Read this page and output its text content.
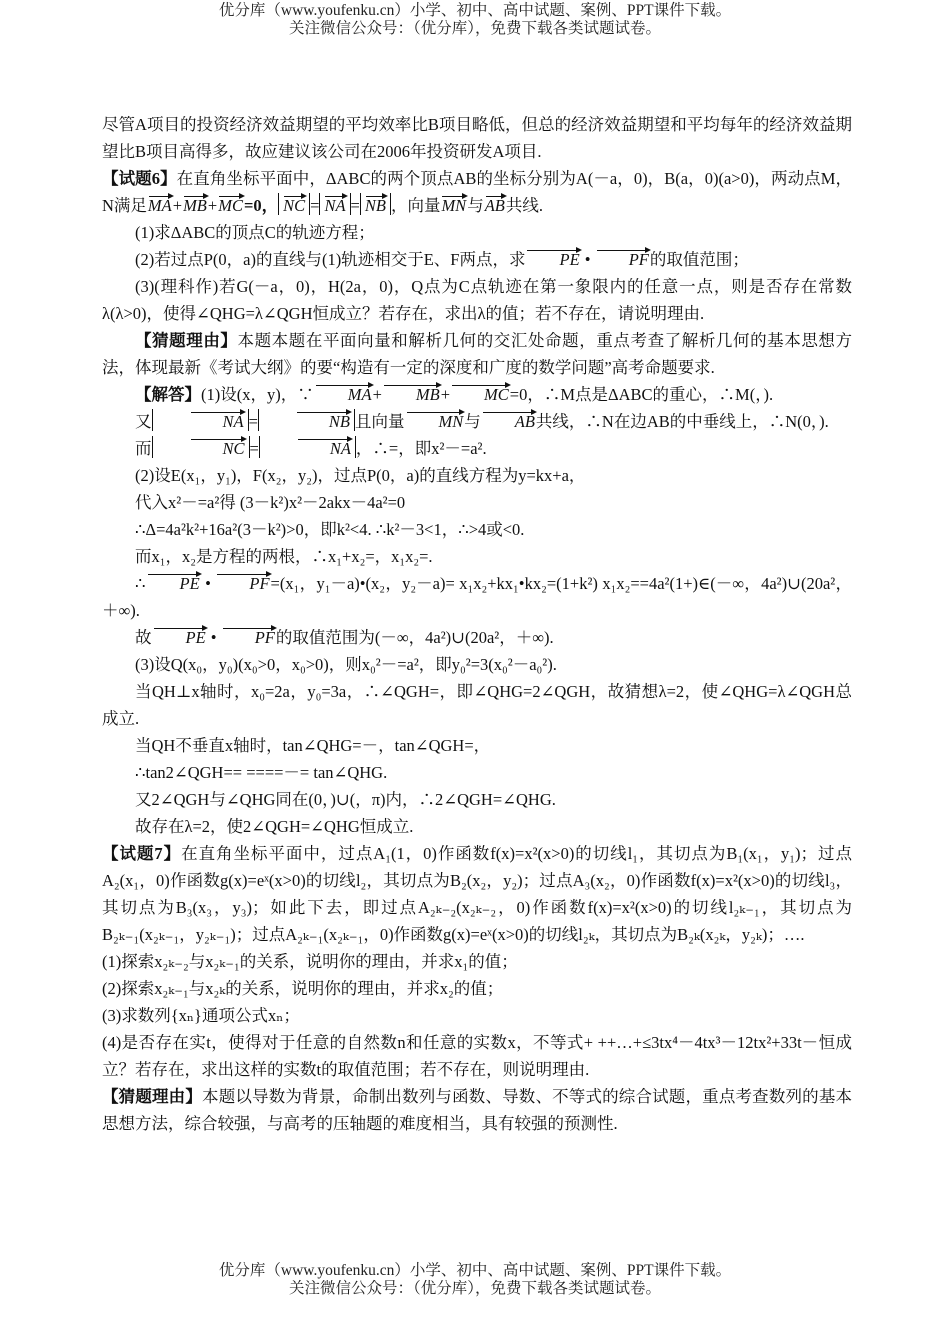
优分库（www.youfenku.cn）小学、初中、高中试题、案例、PPT课件下载。
关注微信公众号：（优分库），免费下载各类试题试卷。

尽管A项目的投资经济效益期望的平均效率比B项目略低，但总的经济效益期望和平均每年的经济效益期望比B项目高得多，故应建议该公司在2006年投资研发A项目.

【试题6】在直角坐标平面中，ΔABC的两个顶点AB的坐标分别为A(－a，0)，B(a，0)(a>0)，两动点M，N满足MA+MB+MC=0， NC = NA = NB ，向量MN与AB共线.

(1)求ΔABC的顶点C的轨迹方程；

(2)若过点P(0，a)的直线与(1)轨迹相交于E、F两点，求 PE • PF的取值范围；

(3)(理科作)若G(－a，0)，H(2a，0)，Q点为C点轨迹在第一象限内的任意一点，则是否存在常数λ(λ>0)，使得∠QHG=λ∠QGH恒成立？若存在，求出λ的值；若不存在，请说明理由.

【猜题理由】本题本题在平面向量和解析几何的交汇处命题，重点考查了解析几何的基本思想方法，体现最新《考试大纲》的要“构造有一定的深度和广度的数学问题”高考命题要求.

【解答】(1)设(x，y)，∵ MA+ MB+ MC=0，∴M点是ΔABC的重心，∴M(，).

又	NA =	NB 且向量 MN与 AB共线，∴N在边AB的中垂线上，∴N(0，).

而	NC =	NA ，∴=，即x²－=a².

(2)设E(x₁，y₁)，F(x₂，y₂)，过点P(0，a)的直线方程为y=kx+a，

代入x²－=a²得 (3－k²)x²－2akx－4a²=0

∴Δ=4a²k²+16a²(3－k²)>0，即k²<4. ∴k²－3<1，∴>4或<0.

而x₁，x₂是方程的两根，∴x₁+x₂=，x₁x₂=.

∴ PE • PF=(x₁，y₁－a)•(x₂，y₂－a)= x₁x₂+kx₁•kx₂=(1+k²) x₁x₂==4a²(1+)∈(－∞，4a²)∪(20a²，＋∞).

故 PE • PF的取值范围为(－∞，4a²)∪(20a²，＋∞).

(3)设Q(x₀，y₀)(x₀>0，x₀>0)，则x₀²－=a²，即y₀²=3(x₀²－a₀²).

当QH⊥x轴时，x₀=2a，y₀=3a，∴∠QGH=，即∠QHG=2∠QGH，故猜想λ=2，使∠QHG=λ∠QGH总成立.

当QH不垂直x轴时，tan∠QHG=－，tan∠QGH=，

∴tan2∠QGH== ====－= tan∠QHG.

又2∠QGH与∠QHG同在(0，)∪(，π)内，∴2∠QGH=∠QHG.

故存在λ=2，使2∠QGH=∠QHG恒成立.

【试题7】在直角坐标平面中，过点A₁(1，0)作函数f(x)=x²(x>0)的切线l₁，其切点为B₁(x₁，y₁)；过点A₂(x₁，0)作函数g(x)=eˣ(x>0)的切线l₂，其切点为B₂(x₂，y₂)；过点A₃(x₂，0)作函数f(x)=x²(x>0)的切线l₃，其切点为B₃(x₃，y₃)；如此下去，即过点A₂ₖ₋₂(x₂ₖ₋₂，0)作函数f(x)=x²(x>0)的切线l₂ₖ₋₁，其切点为B₂ₖ₋₁(x₂ₖ₋₁，y₂ₖ₋₁)；过点A₂ₖ₋₁(x₂ₖ₋₁，0)作函数g(x)=eˣ(x>0)的切线l₂ₖ，其切点为B₂ₖ(x₂ₖ，y₂ₖ)；….

(1)探索x₂ₖ₋₂与x₂ₖ₋₁的关系，说明你的理由，并求x₁的值；

(2)探索x₂ₖ₋₁与x₂ₖ的关系，说明你的理由，并求x₂的值；

(3)求数列{xₙ}通项公式xₙ；

(4)是否存在实t，使得对于任意的自然数n和任意的实数x，不等式+ ++…+≤3tx⁴－4tx³－12tx²+33t－恒成立？若存在，求出这样的实数t的取值范围；若不存在，则说明理由.

【猜题理由】本题以导数为背景，命制出数列与函数、导数、不等式的综合试题，重点考查数列的基本思想方法，综合较强，与高考的压轴题的难度相当，具有较强的预测性.

优分库（www.youfenku.cn）小学、初中、高中试题、案例、PPT课件下载。
关注微信公众号：（优分库），免费下载各类试题试卷。
